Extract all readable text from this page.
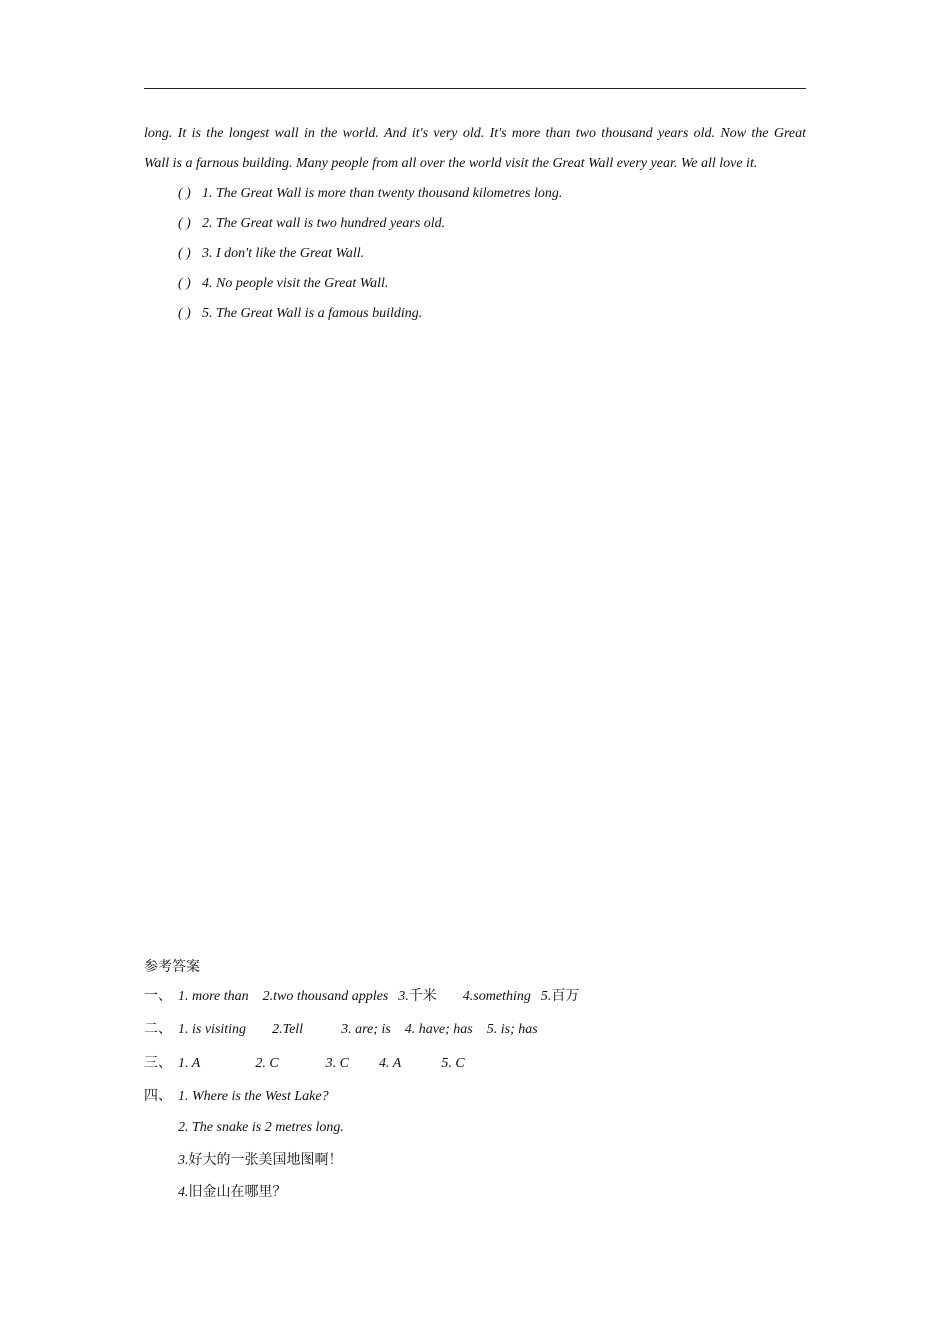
long. It is the longest wall in the world. And it's very old. It's more than two thousand years old. Now the Great
Wall is a farnous building. Many people from all over the world visit the Great Wall every year. We all love it.
( ) 1. The Great Wall is more than twenty thousand kilometres long.
( ) 2. The Great wall is two hundred years old.
( ) 3. I don't like the Great Wall.
( ) 4. No people visit the Great Wall.
( ) 5. The Great Wall is a famous building.
参考答案
一、 1. more than 2.two thousand apples 3.千米 4.something 5.百万
二、 1. is visiting 2.Tell	3. are; is 4. have; has 5. is; has
三、 1. A	2. C	3. C 4. A	5. C
四、 1. Where is the West Lake?
2. The snake is 2 metres long.
3.好大的一张美国地图啊！
4.旧金山在哪里？
